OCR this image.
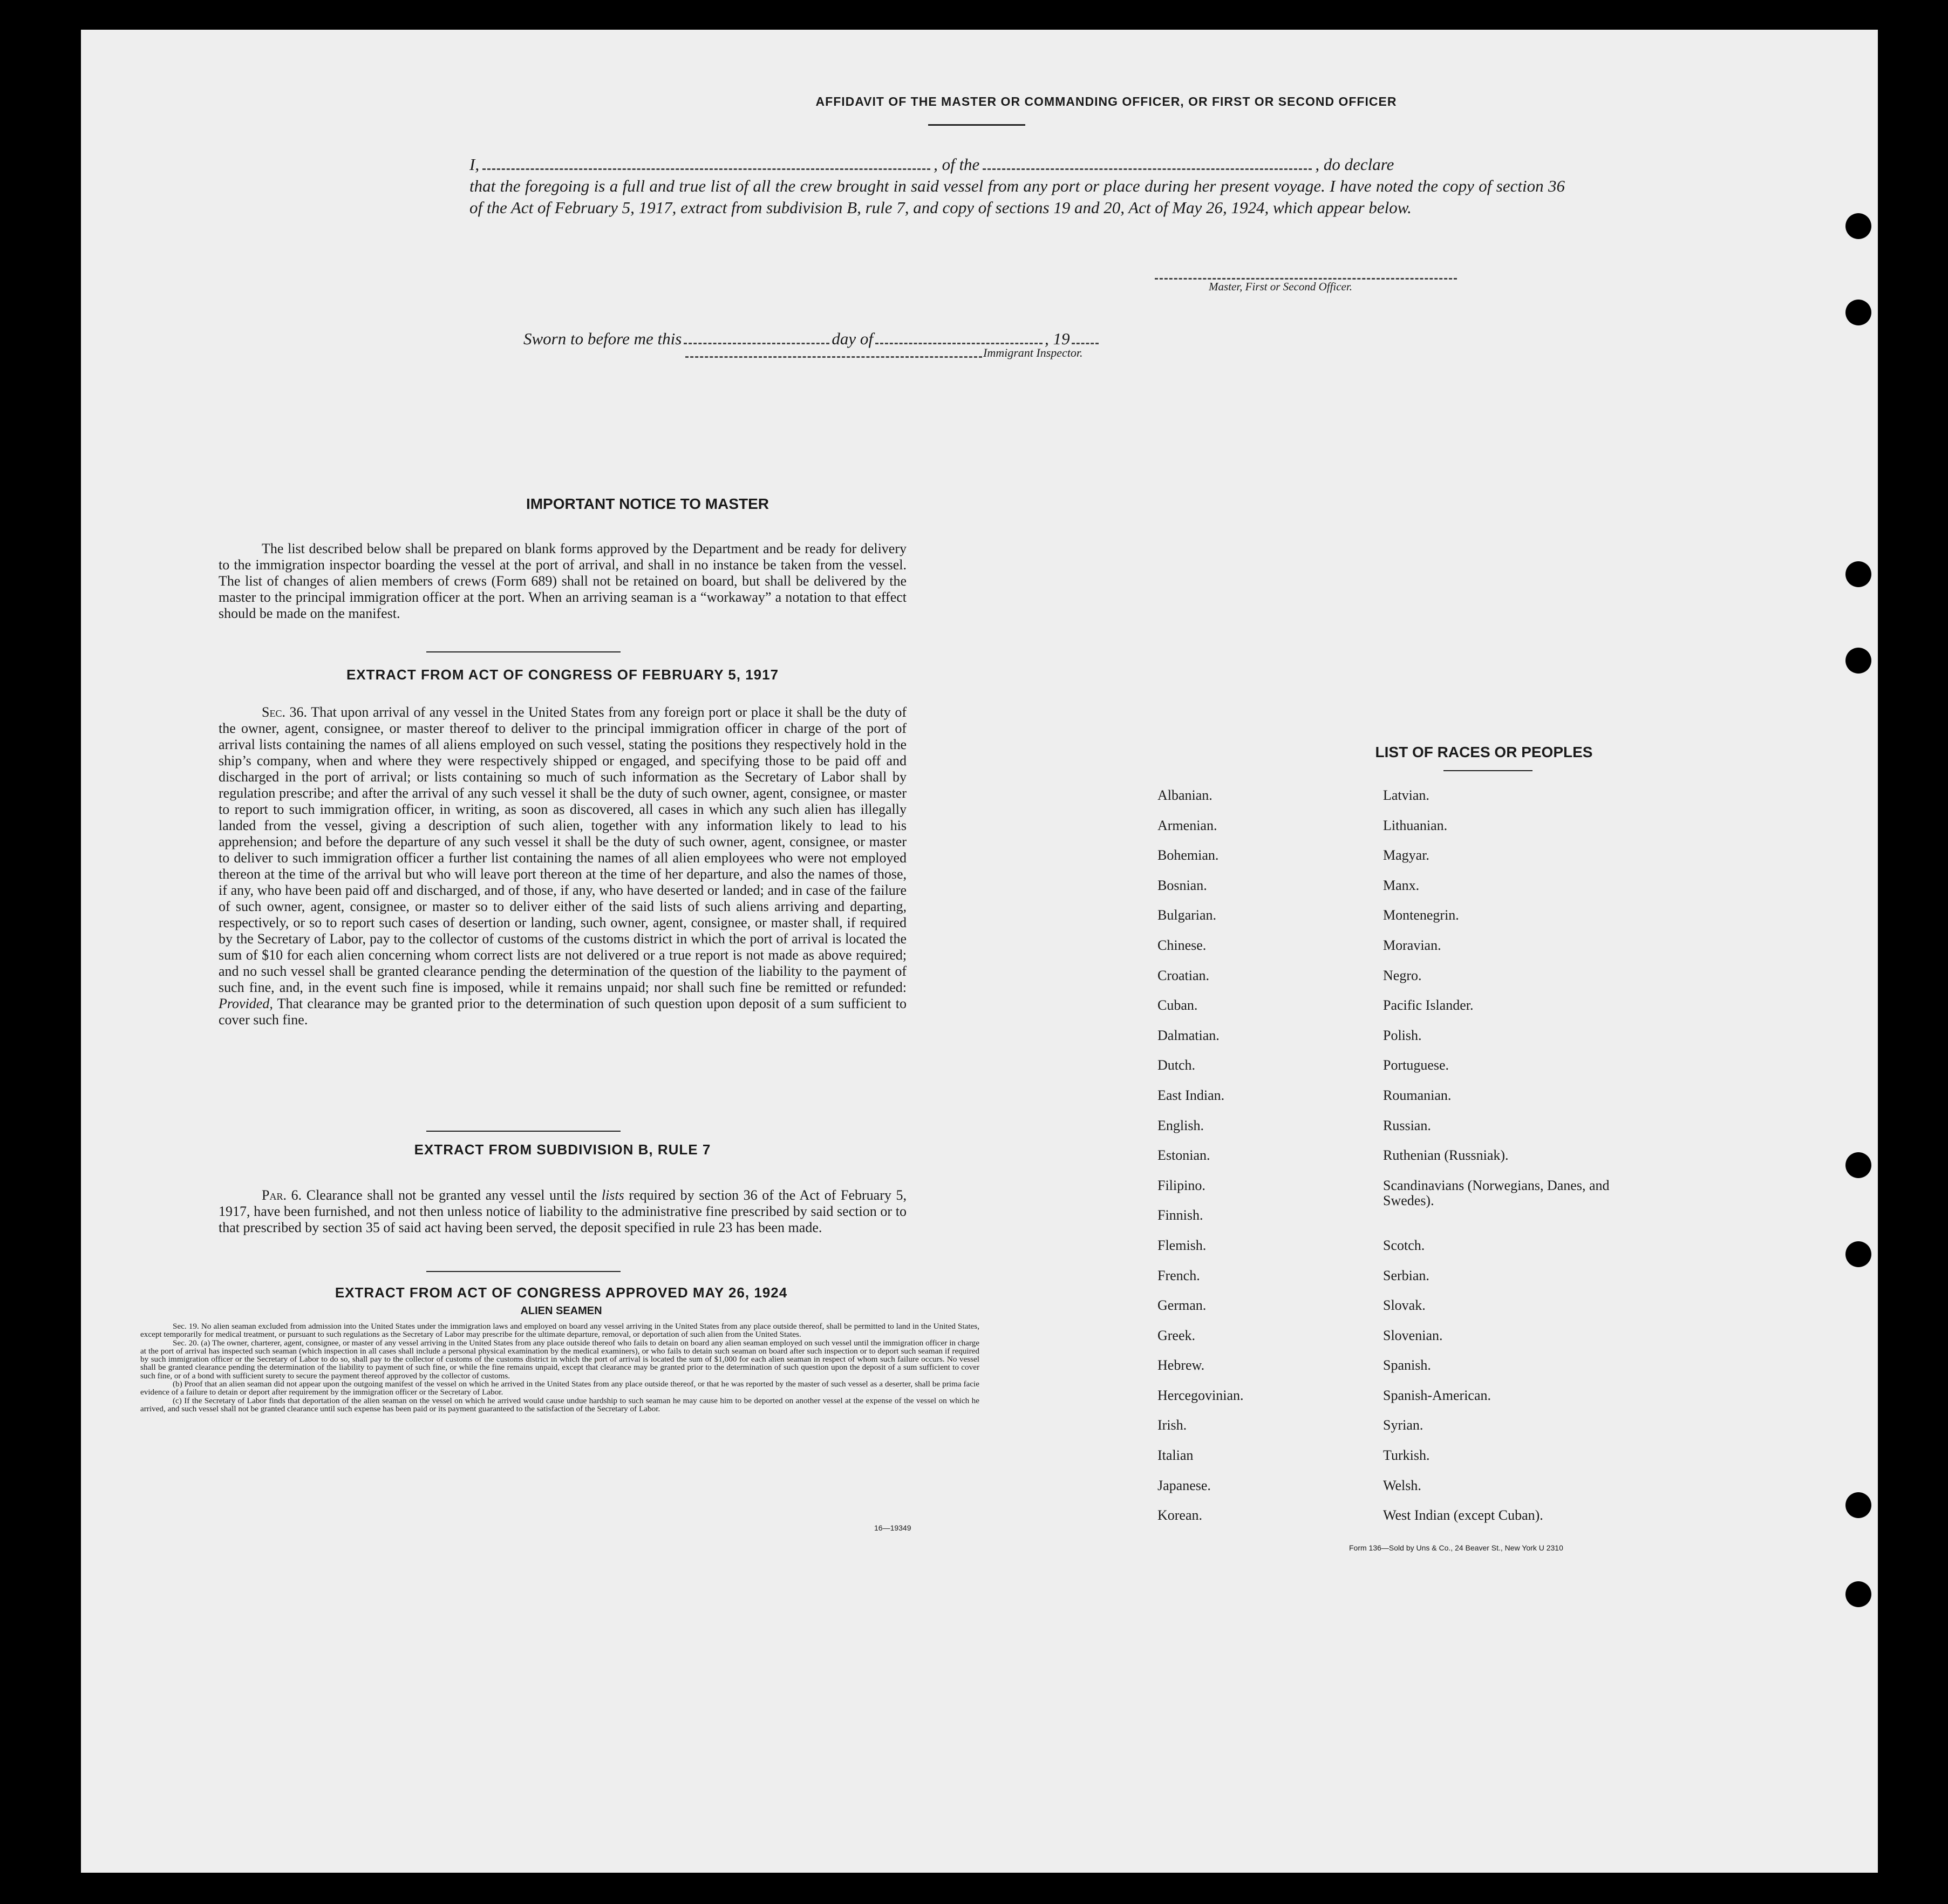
AFFIDAVIT OF THE MASTER OR COMMANDING OFFICER, OR FIRST OR SECOND OFFICER
I,	, of the	, do declare
that the foregoing is a full and true list of all the crew brought in said vessel from any port or place during her present voyage. I have noted the copy of section 36 of the Act of February 5, 1917, extract from subdivision B, rule 7, and copy of sections 19 and 20, Act of May 26, 1924, which appear below.
Master, First or Second Officer.
Sworn to before me this	day of	, 19
Immigrant Inspector.
IMPORTANT NOTICE TO MASTER
The list described below shall be prepared on blank forms approved by the Department and be ready for delivery to the immigration inspector boarding the vessel at the port of arrival, and shall in no instance be taken from the vessel. The list of changes of alien members of crews (Form 689) shall not be retained on board, but shall be delivered by the master to the principal immigration officer at the port. When an arriving seaman is a “workaway” a notation to that effect should be made on the manifest.
EXTRACT FROM ACT OF CONGRESS OF FEBRUARY 5, 1917
Sec. 36. That upon arrival of any vessel in the United States from any foreign port or place it shall be the duty of the owner, agent, consignee, or master thereof to deliver to the principal immigration officer in charge of the port of arrival lists containing the names of all aliens employed on such vessel, stating the positions they respectively hold in the ship’s company, when and where they were respectively shipped or engaged, and specifying those to be paid off and discharged in the port of arrival; or lists containing so much of such information as the Secretary of Labor shall by regulation prescribe; and after the arrival of any such vessel it shall be the duty of such owner, agent, consignee, or master to report to such immigration officer, in writing, as soon as discovered, all cases in which any such alien has illegally landed from the vessel, giving a description of such alien, together with any information likely to lead to his apprehension; and before the departure of any such vessel it shall be the duty of such owner, agent, consignee, or master to deliver to such immigration officer a further list containing the names of all alien employees who were not employed thereon at the time of the arrival but who will leave port thereon at the time of her departure, and also the names of those, if any, who have been paid off and discharged, and of those, if any, who have deserted or landed; and in case of the failure of such owner, agent, consignee, or master so to deliver either of the said lists of such aliens arriving and departing, respectively, or so to report such cases of desertion or landing, such owner, agent, consignee, or master shall, if required by the Secretary of Labor, pay to the collector of customs of the customs district in which the port of arrival is located the sum of $10 for each alien concerning whom correct lists are not delivered or a true report is not made as above required; and no such vessel shall be granted clearance pending the determination of the question of the liability to the payment of such fine, and, in the event such fine is imposed, while it remains unpaid; nor shall such fine be remitted or refunded: Provided, That clearance may be granted prior to the determination of such question upon deposit of a sum sufficient to cover such fine.
EXTRACT FROM SUBDIVISION B, RULE 7
Par. 6. Clearance shall not be granted any vessel until the lists required by section 36 of the Act of February 5, 1917, have been furnished, and not then unless notice of liability to the administrative fine prescribed by said section or to that prescribed by section 35 of said act having been served, the deposit specified in rule 23 has been made.
EXTRACT FROM ACT OF CONGRESS APPROVED MAY 26, 1924
ALIEN SEAMEN

Sec. 19. No alien seaman excluded from admission into the United States under the immigration laws and employed on board any vessel arriving in the United States from any place outside thereof, shall be permitted to land in the United States, except temporarily for medical treatment, or pursuant to such regulations as the Secretary of Labor may prescribe for the ultimate departure, removal, or deportation of such alien from the United States.

Sec. 20. (a) The owner, charterer, agent, consignee, or master of any vessel arriving in the United States from any place outside thereof who fails to detain on board any alien seaman employed on such vessel until the immigration officer in charge at the port of arrival has inspected such seaman (which inspection in all cases shall include a personal physical examination by the medical examiners), or who fails to detain such seaman on board after such inspection or to deport such seaman if required by such immigration officer or the Secretary of Labor to do so, shall pay to the collector of customs of the customs district in which the port of arrival is located the sum of $1,000 for each alien seaman in respect of whom such failure occurs. No vessel shall be granted clearance pending the determination of the liability to payment of such fine, or while the fine remains unpaid, except that clearance may be granted prior to the determination of such question upon the deposit of a sum sufficient to cover such fine, or of a bond with sufficient surety to secure the payment thereof approved by the collector of customs.

(b) Proof that an alien seaman did not appear upon the outgoing manifest of the vessel on which he arrived in the United States from any place outside thereof, or that he was reported by the master of such vessel as a deserter, shall be prima facie evidence of a failure to detain or deport after requirement by the immigration officer or the Secretary of Labor.

(c) If the Secretary of Labor finds that deportation of the alien seaman on the vessel on which he arrived would cause undue hardship to such seaman he may cause him to be deported on another vessel at the expense of the vessel on which he arrived, and such vessel shall not be granted clearance until such expense has been paid or its payment guaranteed to the satisfaction of the Secretary of Labor.

16—19349
LIST OF RACES OR PEOPLES
Albanian.	Latvian.
Armenian.	Lithuanian.
Bohemian.	Magyar.
Bosnian.	Manx.
Bulgarian.	Montenegrin.
Chinese.	Moravian.
Croatian.	Negro.
Cuban.	Pacific Islander.
Dalmatian.	Polish.
Dutch.	Portuguese.
East Indian.	Roumanian.
English.	Russian.
Estonian.	Ruthenian (Russniak).
Filipino.	Scandinavians (Norwegians, Danes, and Swedes).
Finnish.
Flemish.	Scotch.
French.	Serbian.
German.	Slovak.
Greek.	Slovenian.
Hebrew.	Spanish.
Hercegovinian.	Spanish-American.
Irish.	Syrian.
Italian	Turkish.
Japanese.	Welsh.
Korean.	West Indian (except Cuban).
Form 136—Sold by Uns & Co., 24 Beaver St., New York U 2310
